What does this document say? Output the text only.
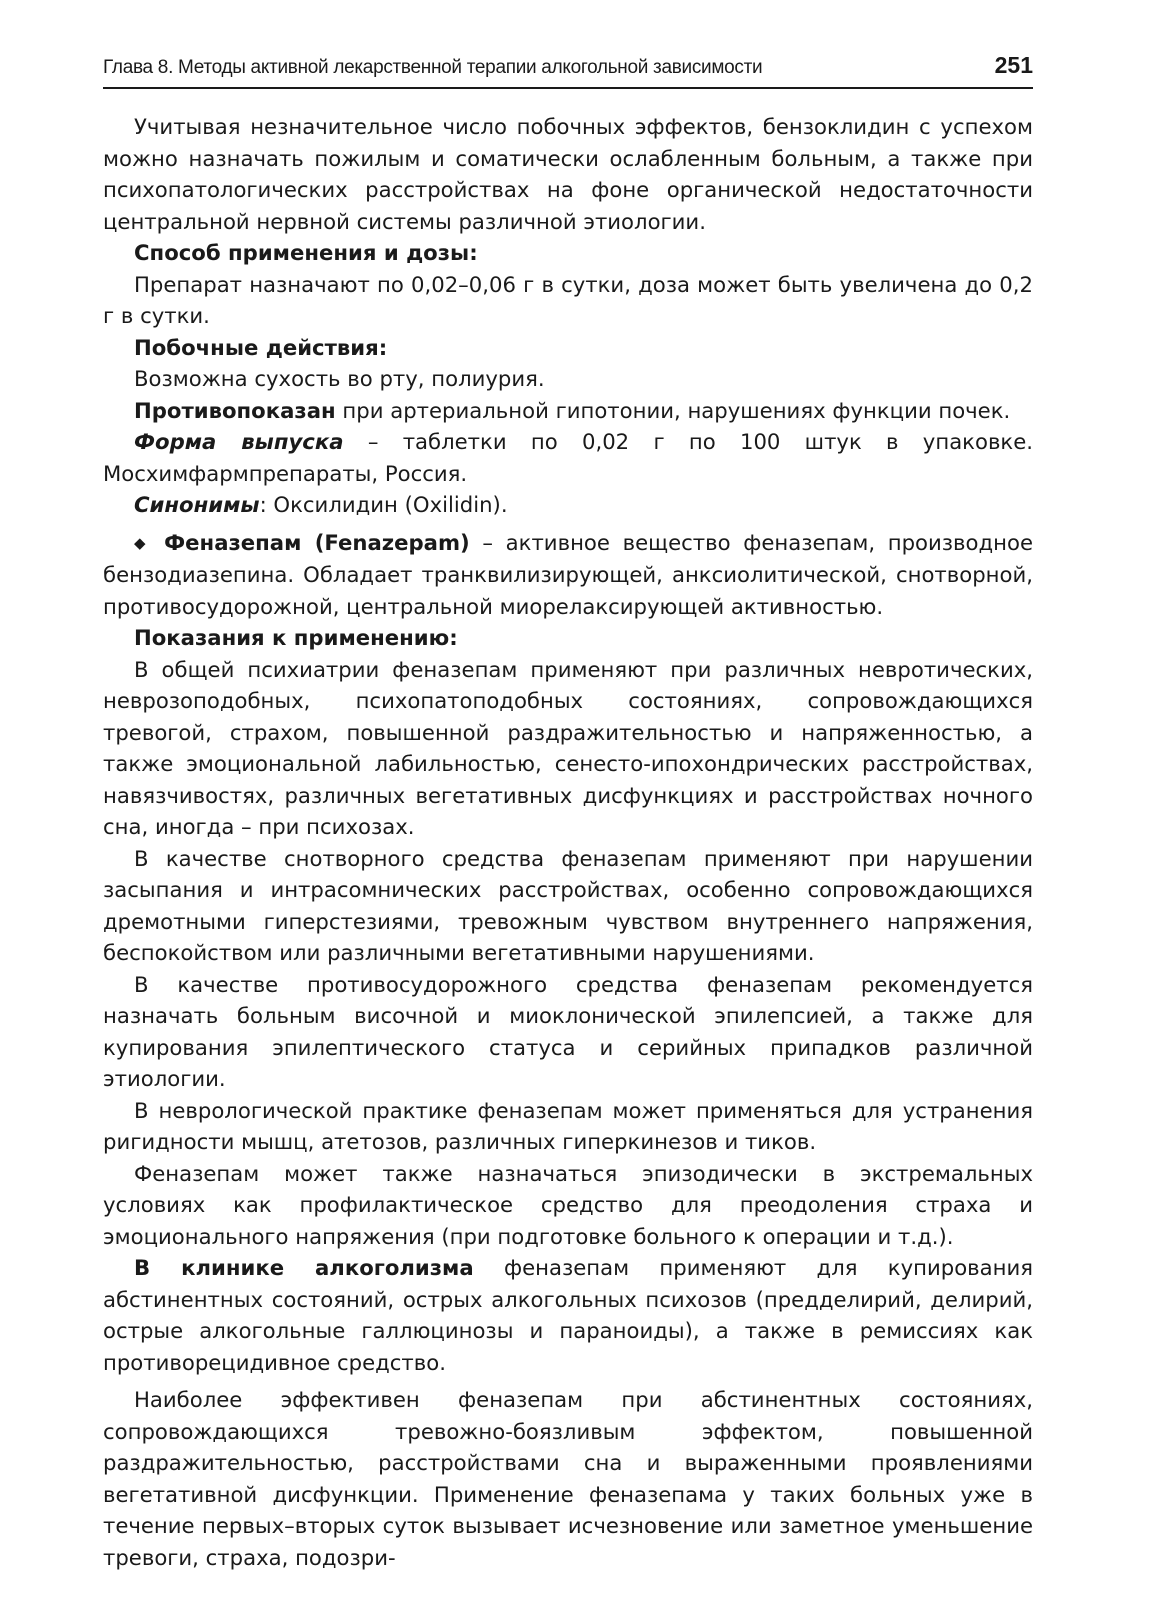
Глава 8. Методы активной лекарственной терапии алкогольной зависимости	251

Учитывая незначительное число побочных эффектов, бензоклидин с успехом можно назначать пожилым и соматически ослабленным больным, а также при психопатологических расстройствах на фоне органической недостаточности центральной нервной системы различной этиологии.

Способ применения и дозы:

Препарат назначают по 0,02–0,06 г в сутки, доза может быть увеличена до 0,2 г в сутки.

Побочные действия:

Возможна сухость во рту, полиурия.

Противопоказан при артериальной гипотонии, нарушениях функции почек.

Форма выпуска – таблетки по 0,02 г по 100 штук в упаковке. Мосхимфармпрепараты, Россия.

Синонимы: Оксилидин (Oxilidin).

◆ Феназепам (Fenazepam) – активное вещество феназепам, производное бензодиазепина. Обладает транквилизирующей, анксиолитической, снотворной, противосудорожной, центральной миорелаксирующей активностью.

Показания к применению:

В общей психиатрии феназепам применяют при различных невротических, неврозоподобных, психопатоподобных состояниях, сопровождающихся тревогой, страхом, повышенной раздражительностью и напряженностью, а также эмоциональной лабильностью, сенесто-ипохондрических расстройствах, навязчивостях, различных вегетативных дисфункциях и расстройствах ночного сна, иногда – при психозах.

В качестве снотворного средства феназепам применяют при нарушении засыпания и интрасомнических расстройствах, особенно сопровождающихся дремотными гиперстезиями, тревожным чувством внутреннего напряжения, беспокойством или различными вегетативными нарушениями.

В качестве противосудорожного средства феназепам рекомендуется назначать больным височной и миоклонической эпилепсией, а также для купирования эпилептического статуса и серийных припадков различной этиологии.

В неврологической практике феназепам может применяться для устранения ригидности мышц, атетозов, различных гиперкинезов и тиков.

Феназепам может также назначаться эпизодически в экстремальных условиях как профилактическое средство для преодоления страха и эмоционального напряжения (при подготовке больного к операции и т.д.).

В клинике алкоголизма феназепам применяют для купирования абстинентных состояний, острых алкогольных психозов (предделирий, делирий, острые алкогольные галлюцинозы и параноиды), а также в ремиссиях как противорецидивное средство.

Наиболее эффективен феназепам при абстинентных состояниях, сопровождающихся тревожно-боязливым эффектом, повышенной раздражительностью, расстройствами сна и выраженными проявлениями вегетативной дисфункции. Применение феназепама у таких больных уже в течение первых–вторых суток вызывает исчезновение или заметное уменьшение тревоги, страха, подозри-
